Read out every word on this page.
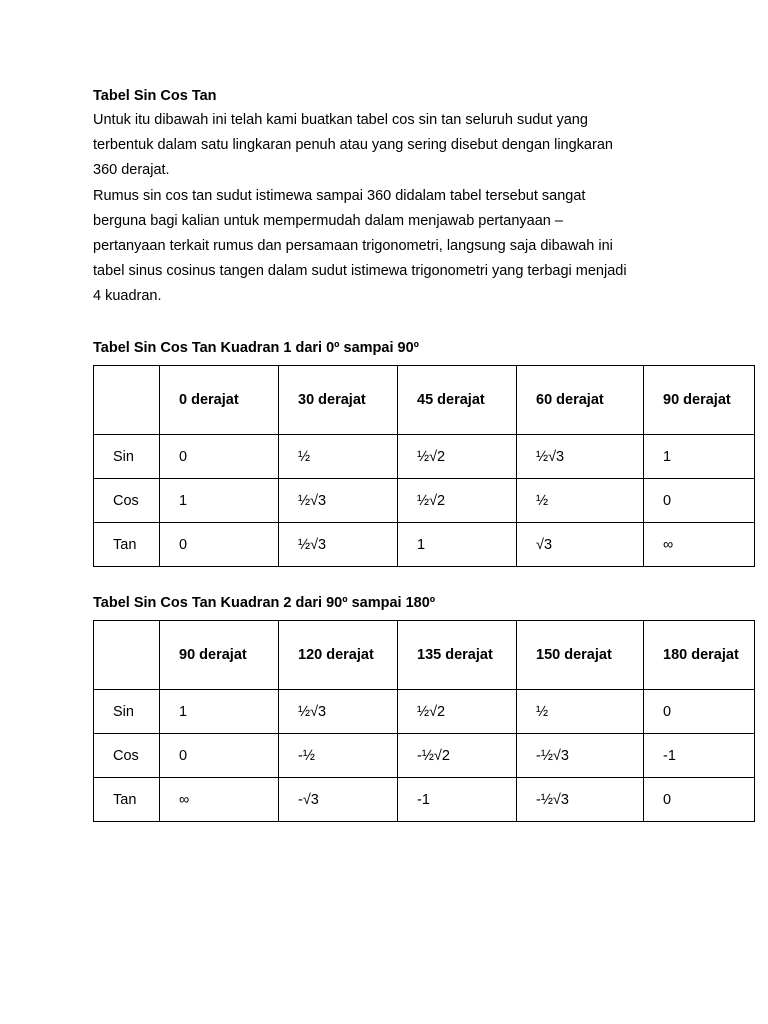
Tabel Sin Cos Tan

Untuk itu dibawah ini telah kami buatkan tabel cos sin tan seluruh sudut yang
terbentuk dalam satu lingkaran penuh atau yang sering disebut dengan lingkaran
360 derajat.
Rumus sin cos tan sudut istimewa sampai 360 didalam tabel tersebut sangat
berguna bagi kalian untuk mempermudah dalam menjawab pertanyaan –
pertanyaan terkait rumus dan persamaan trigonometri, langsung saja dibawah ini
tabel sinus cosinus tangen dalam sudut istimewa trigonometri yang terbagi menjadi
4 kuadran.

Tabel Sin Cos Tan Kuadran 1 dari 0º sampai 90º

	0 derajat	30 derajat	45 derajat	60 derajat	90 derajat
Sin	0	½	½√2	½√3	1
Cos	1	½√3	½√2	½	0
Tan	0	½√3	1	√3	∞

Tabel Sin Cos Tan Kuadran 2 dari 90º sampai 180º

	90 derajat	120 derajat	135 derajat	150 derajat	180 derajat
Sin	1	½√3	½√2	½	0
Cos	0	-½	-½√2	-½√3	-1
Tan	∞	-√3	-1	-½√3	0
